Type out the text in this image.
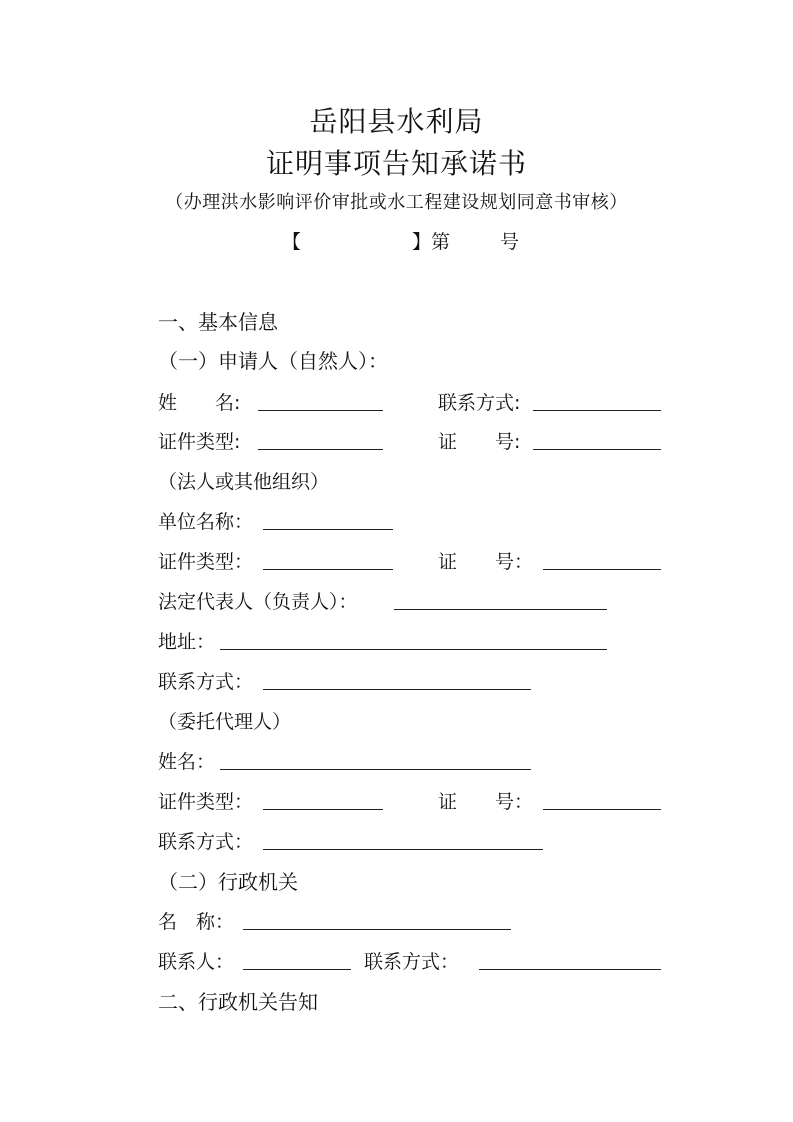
岳阳县水利局
证明事项告知承诺书
（办理洪水影响评价审批或水工程建设规划同意书审核）
【	】第	号
一、基本信息
（一）申请人（自然人）：
姓　　名:	联系方式:
证件类型:	证　　号:
（法人或其他组织）
单位名称：
证件类型：	证　　号：
法定代表人（负责人）：
地址：
联系方式：
（委托代理人）
姓名：
证件类型：	证　　号：
联系方式：
（二）行政机关
名　称：
联系人：	联系方式：
二、行政机关告知
